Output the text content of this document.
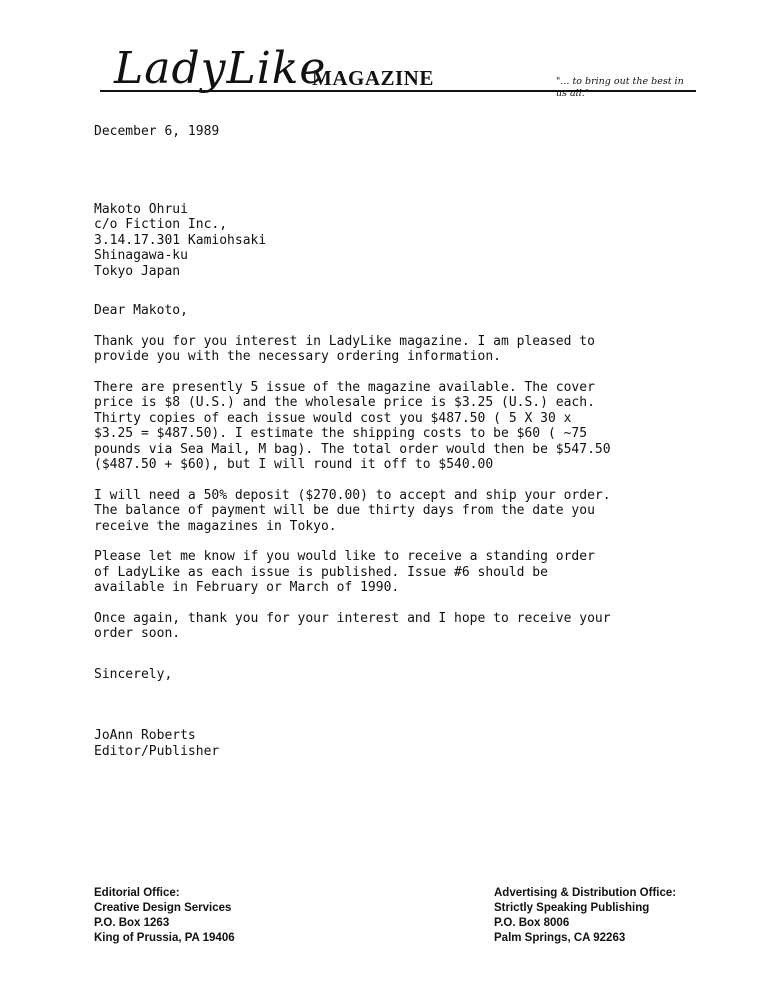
LadyLike
MAGAZINE	"... to bring out the best in us all."

December 6, 1989

Makoto Ohrui

c/o Fiction Inc.,

3.14.17.301 Kamiohsaki

Shinagawa-ku

Tokyo Japan

Dear Makoto,

Thank you for you interest in LadyLike magazine. I am pleased to

provide you with the necessary ordering information.

There are presently 5 issue of the magazine available. The cover

price is $8 (U.S.) and the wholesale price is $3.25 (U.S.) each.

Thirty copies of each issue would cost you $487.50 ( 5 X 30 x

$3.25 = $487.50). I estimate the shipping costs to be $60 ( ~75

pounds via Sea Mail, M bag). The total order would then be $547.50

($487.50 + $60), but I will round it off to $540.00

I will need a 50% deposit ($270.00) to accept and ship your order.

The balance of payment will be due thirty days from the date you

receive the magazines in Tokyo.

Please let me know if you would like to receive a standing order

of LadyLike as each issue is published. Issue #6 should be

available in February or March of 1990.

Once again, thank you for your interest and I hope to receive your

order soon.

Sincerely,

JoAnn Roberts

Editor/Publisher

Editorial Office:
Creative Design Services
P.O. Box 1263
King of Prussia, PA 19406
Advertising & Distribution Office:
Strictly Speaking Publishing
P.O. Box 8006
Palm Springs, CA 92263
